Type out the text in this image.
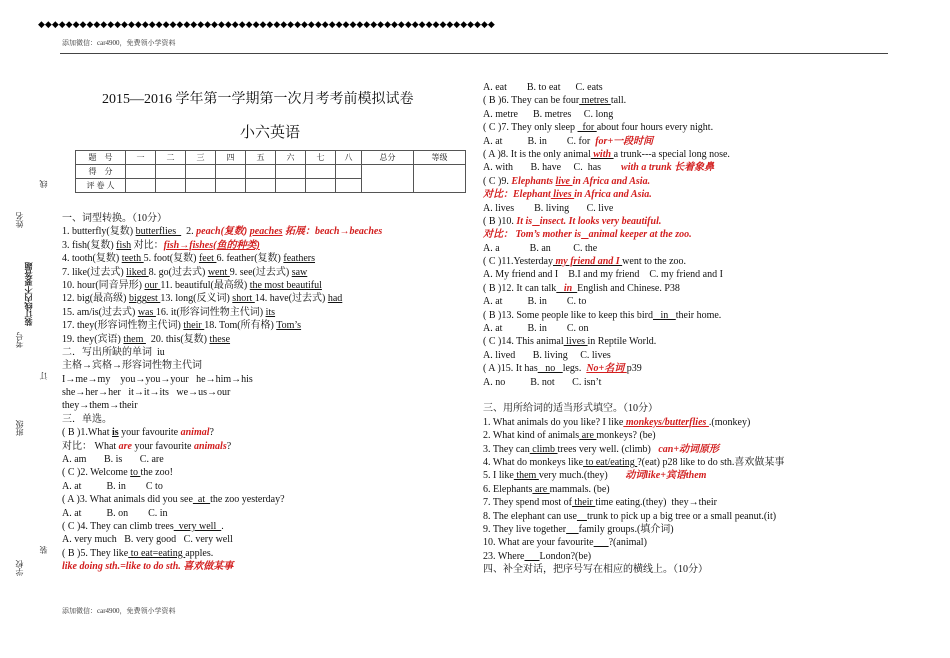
添加微信：car4900，免费领小学资料
◆◆◆◆◆◆◆◆◆◆◆◆◆◆◆◆◆◆◆◆◆◆◆◆◆◆◆◆◆◆◆◆◆◆◆◆◆◆◆◆◆◆◆◆◆◆◆◆◆◆◆◆◆◆◆◆◆◆◆◆◆◆◆◆◆◆
姓名
考号
班级
学校
线
订
装
装订线内不要答题
2015—2016 学年第一学期第一次月考考前模拟试卷
小六英语
题　号	一	二	三	四	五	六	七	八	总分	等级
得　分										
评 卷 人										
一、词型转换。（10分）
1. butterfly(复数) butterflies    2. peach(复数) peaches 拓展：beach→beaches
3. fish(复数) fish 对比：fish→fishes(鱼的种类)
4. tooth(复数) teeth 5. foot(复数) feet 6. feather(复数) feathers
7. like(过去式) liked 8. go(过去式) went 9. see(过去式) saw
10. hour(同音异形) our 11. beautiful(最高级) the most beautiful
12. big(最高级) biggest 13. long(反义词) short 14. have(过去式) had
15. am/is(过去式) was 16. it(形容词性物主代词) its
17. they(形容词性物主代词) their 18. Tom(所有格) Tom’s
19. they(宾语) them   20. this(复数) these
二．写出所缺的单词  iu
主格→宾格→形容词性物主代词
I→me→my    you→you→your   he→him→his
she→her→her   it→it→its   we→us→our
they→them→their
三．单选。
( B )1.What is your favourite animal?
对比： What are your favourite animals?
A. am       B. is       C. are
( C )2. Welcome to the zoo!
A. at          B. in        C to
( A )3. What animals did you see  at  the zoo yesterday?
A. at          B. on        C. in
( C )4. They can climb trees  very well  .
A. very much   B. very good   C. very well
( B )5. They like to eat=eating apples.
like doing sth.=like to do sth. 喜欢做某事
A. eat        B. to eat      C. eats
( B )6. They can be four metres tall.
A. metre      B. metres     C. long
( C )7. They only sleep   for about four hours every night.
A. at          B. in        C. for  for+一段时间
( A )8. It is the only animal with a trunk---a special long nose.
A. with       B. have     C.  has        with a trunk 长着象鼻
( C )9. Elephants live in Africa and Asia.
对比：Elephant lives in Africa and Asia.
A. lives        B. living       C. live
( B )10. It is insect. It looks very beautiful.
对比： Tom’s mother is animal keeper at the zoo.
A. a            B. an         C. the
( C )11.Yesterday my friend and I went to the zoo.
A. My friend and I    B.I and my friend    C. my friend and I
( B )12. It can talk   in  English and Chinese. P38
A. at          B. in        C. to
( B )13. Some people like to keep this bird   in   their home.
A. at          B. in        C. on
( C )14. This animal lives in Reptile World.
A. lived       B. living     C. lives
( A )15. It has   no   legs.  No+名词 p39
A. no          B. not       C. isn’t
三、用所给词的适当形式填空。（10分）
1. What animals do you like? I like monkeys/butterflies .(monkey)
2. What kind of animals are monkeys? (be)
3. They can climb trees very well. (climb)   can+动词原形
4. What do monkeys like to eat/eating ?(eat) p28 like to do sth.喜欢做某事
5. I like them very much.(they)       动词like+宾语them
6. Elephants are mammals. (be)
7. They spend most of their time eating.(they)  they→their
8. The elephant can use trunk to pick up a big tree or a small peanut.(it)
9. They live together family groups.(填介词)
10. What are your favourite ?(animal)
23. Where London?(be)
四、补全对话，把序号写在相应的横线上。（10分）
添加微信：car4900，免费领小学资料
